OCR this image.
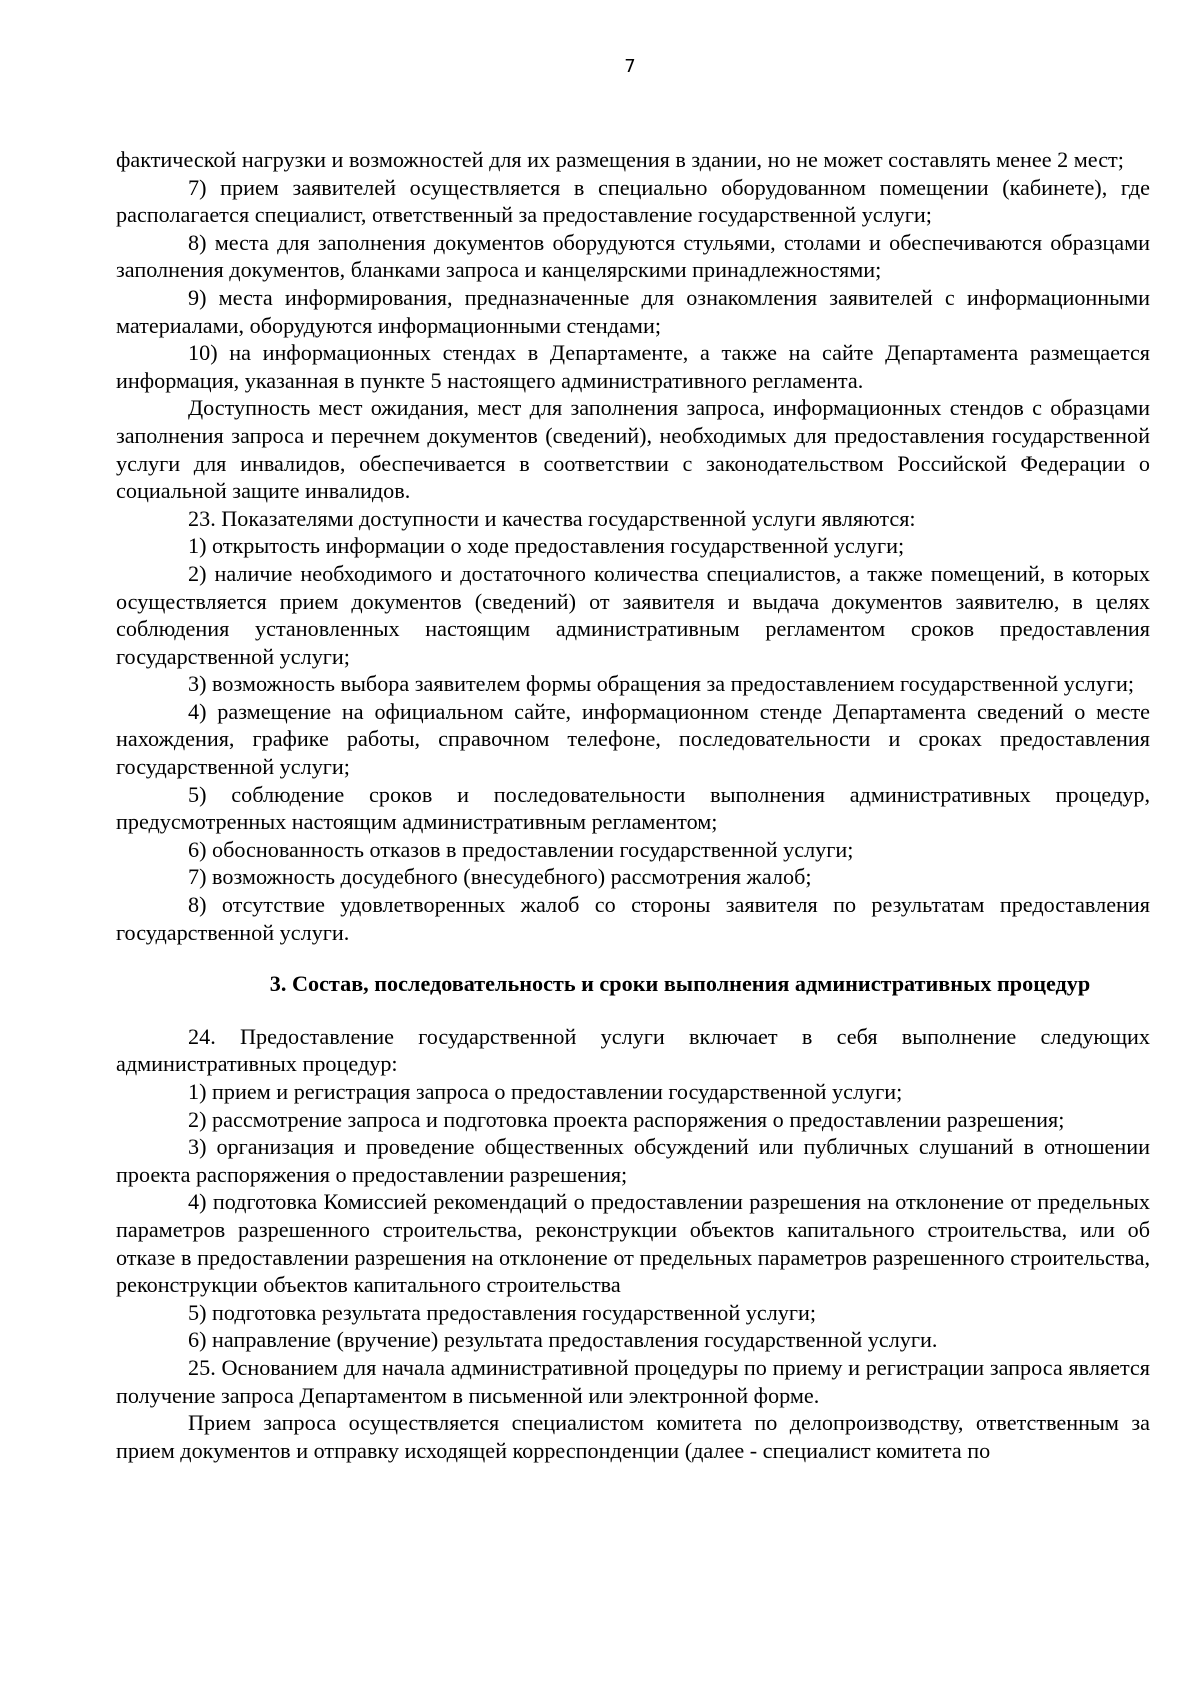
7

фактической нагрузки и возможностей для их размещения в здании, но не может составлять менее 2 мест;

7) прием заявителей осуществляется в специально оборудованном помещении (кабинете), где располагается специалист, ответственный за предоставление государственной услуги;

8) места для заполнения документов оборудуются стульями, столами и обеспечиваются образцами заполнения документов, бланками запроса и канцелярскими принадлежностями;

9) места информирования, предназначенные для ознакомления заявителей с информационными материалами, оборудуются информационными стендами;

10) на информационных стендах в Департаменте, а также на сайте Департамента размещается информация, указанная в пункте 5 настоящего административного регламента.

Доступность мест ожидания, мест для заполнения запроса, информационных стендов с образцами заполнения запроса и перечнем документов (сведений), необходимых для предоставления государственной услуги для инвалидов, обеспечивается в соответствии с законодательством Российской Федерации о социальной защите инвалидов.

23. Показателями доступности и качества государственной услуги являются:

1) открытость информации о ходе предоставления государственной услуги;

2) наличие необходимого и достаточного количества специалистов, а также помещений, в которых осуществляется прием документов (сведений) от заявителя и выдача документов заявителю, в целях соблюдения установленных настоящим административным регламентом сроков предоставления государственной услуги;

3) возможность выбора заявителем формы обращения за предоставлением государственной услуги;

4) размещение на официальном сайте, информационном стенде Департамента сведений о месте нахождения, графике работы, справочном телефоне, последовательности и сроках предоставления государственной услуги;

5) соблюдение сроков и последовательности выполнения административных процедур, предусмотренных настоящим административным регламентом;

6) обоснованность отказов в предоставлении государственной услуги;

7) возможность досудебного (внесудебного) рассмотрения жалоб;

8) отсутствие удовлетворенных жалоб со стороны заявителя по результатам предоставления государственной услуги.

3. Состав, последовательность и сроки выполнения административных процедур

24. Предоставление государственной услуги включает в себя выполнение следующих административных процедур:

1) прием и регистрация запроса о предоставлении государственной услуги;

2) рассмотрение запроса и подготовка проекта распоряжения о предоставлении разрешения;

3) организация и проведение общественных обсуждений или публичных слушаний в отношении проекта распоряжения о предоставлении разрешения;

4) подготовка Комиссией рекомендаций о предоставлении разрешения на отклонение от предельных параметров разрешенного строительства, реконструкции объектов капитального строительства, или об отказе в предоставлении разрешения на отклонение от предельных параметров разрешенного строительства, реконструкции объектов капитального строительства

5) подготовка результата предоставления государственной услуги;

6) направление (вручение) результата предоставления государственной услуги.

25. Основанием для начала административной процедуры по приему и регистрации запроса является получение запроса Департаментом в письменной или электронной форме.

Прием запроса осуществляется специалистом комитета по делопроизводству, ответственным за прием документов и отправку исходящей корреспонденции (далее - специалист комитета по
